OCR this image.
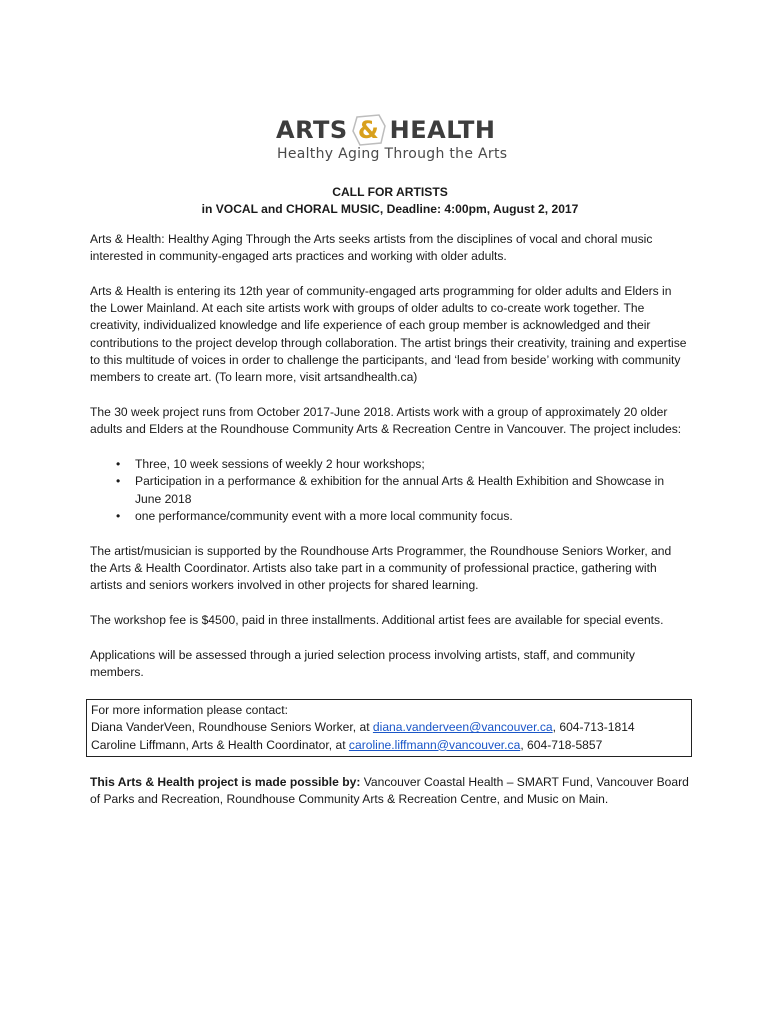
ARTS & HEALTH
Healthy Aging Through the Arts
CALL FOR ARTISTS
in VOCAL and CHORAL MUSIC, Deadline: 4:00pm, August 2, 2017

Arts & Health: Healthy Aging Through the Arts seeks artists from the disciplines of vocal and choral music interested in community-engaged arts practices and working with older adults.

Arts & Health is entering its 12th year of community-engaged arts programming for older adults and Elders in the Lower Mainland. At each site artists work with groups of older adults to co-create work together. The creativity, individualized knowledge and life experience of each group member is acknowledged and their contributions to the project develop through collaboration. The artist brings their creativity, training and expertise to this multitude of voices in order to challenge the participants, and ‘lead from beside’ working with community members to create art. (To learn more, visit artsandhealth.ca)

The 30 week project runs from October 2017-June 2018. Artists work with a group of approximately 20 older adults and Elders at the Roundhouse Community Arts & Recreation Centre in Vancouver. The project includes:

• Three, 10 week sessions of weekly 2 hour workshops;
• Participation in a performance & exhibition for the annual Arts & Health Exhibition and Showcase in June 2018
• one performance/community event with a more local community focus.

The artist/musician is supported by the Roundhouse Arts Programmer, the Roundhouse Seniors Worker, and the Arts & Health Coordinator. Artists also take part in a community of professional practice, gathering with artists and seniors workers involved in other projects for shared learning.

The workshop fee is $4500, paid in three installments. Additional artist fees are available for special events.

Applications will be assessed through a juried selection process involving artists, staff, and community members.

For more information please contact:
Diana VanderVeen, Roundhouse Seniors Worker, at diana.vanderveen@vancouver.ca, 604-713-1814
Caroline Liffmann, Arts & Health Coordinator, at caroline.liffmann@vancouver.ca, 604-718-5857

This Arts & Health project is made possible by: Vancouver Coastal Health – SMART Fund, Vancouver Board of Parks and Recreation, Roundhouse Community Arts & Recreation Centre, and Music on Main.
